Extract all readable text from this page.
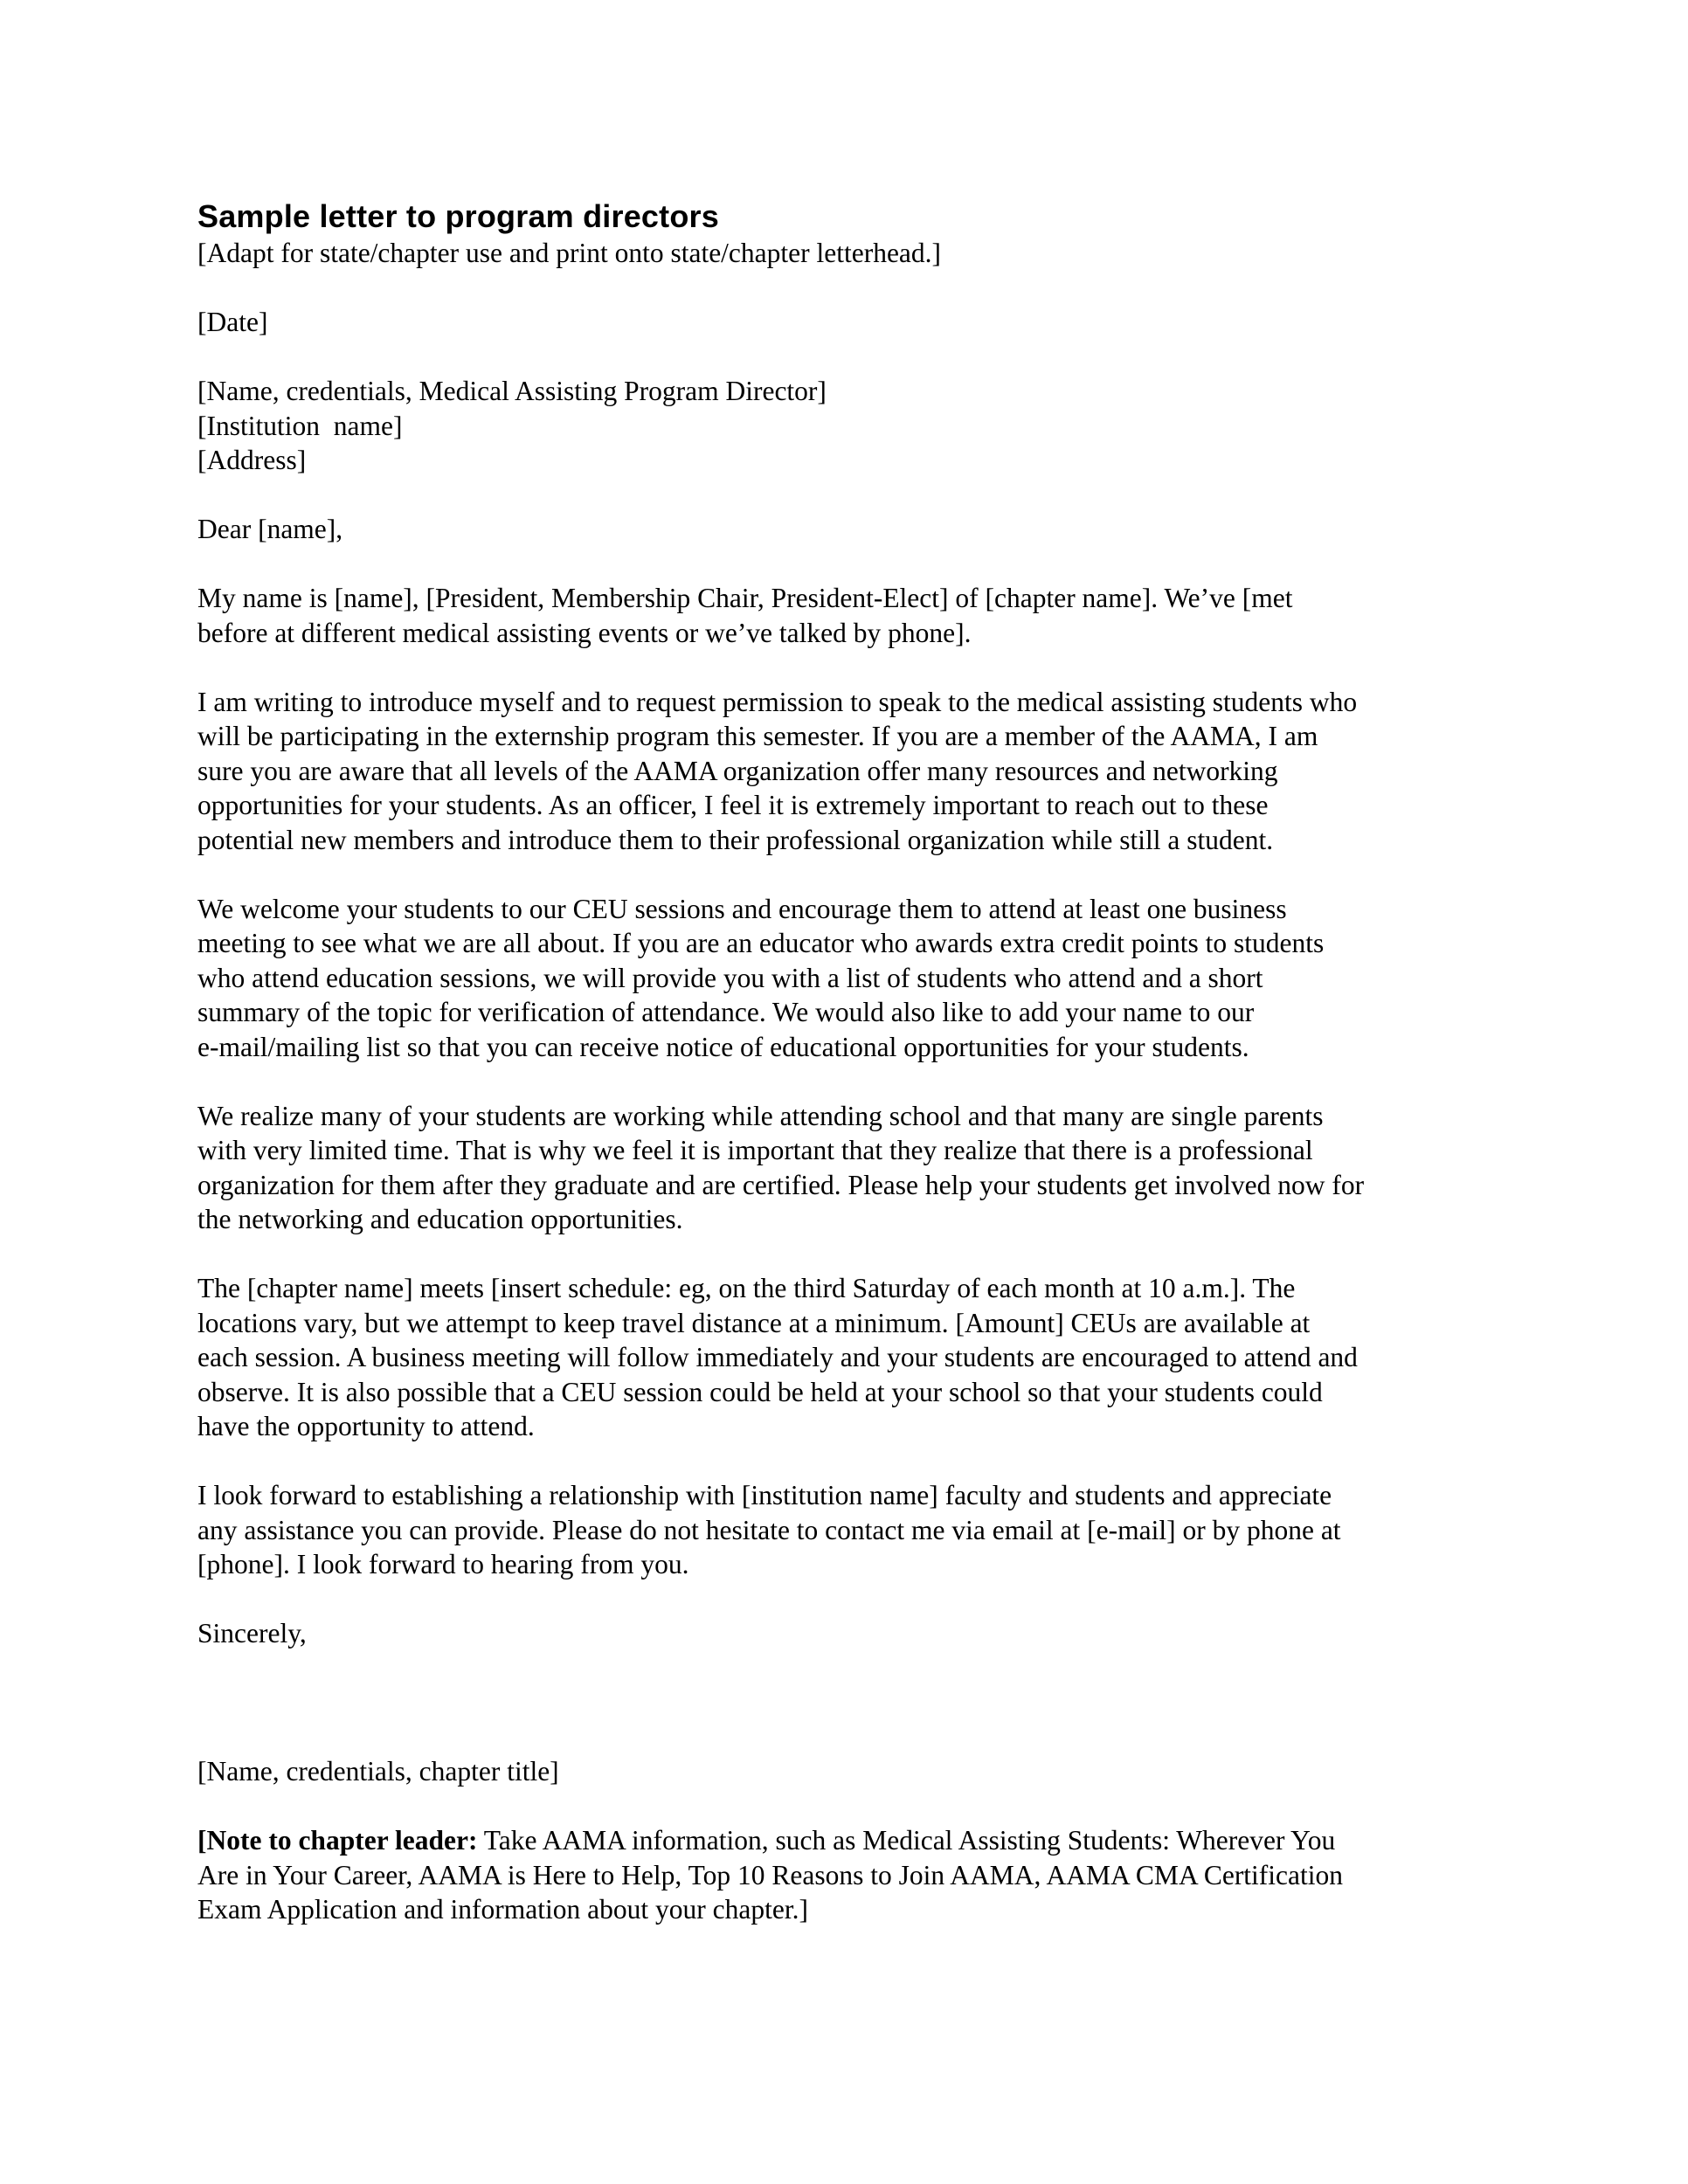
Sample letter to program directors

[Adapt for state/chapter use and print onto state/chapter letterhead.]

[Date]

[Name, credentials, Medical Assisting Program Director]

[Institution  name]

[Address]

Dear [name],

My name is [name], [President, Membership Chair, President-Elect] of [chapter name]. We’ve [met

before at different medical assisting events or we’ve talked by phone].

I am writing to introduce myself and to request permission to speak to the medical assisting students who

will be participating in the externship program this semester. If you are a member of the AAMA, I am

sure you are aware that all levels of the AAMA organization offer many resources and networking

opportunities for your students. As an officer, I feel it is extremely important to reach out to these

potential new members and introduce them to their professional organization while still a student.

We welcome your students to our CEU sessions and encourage them to attend at least one business

meeting to see what we are all about. If you are an educator who awards extra credit points to students

who attend education sessions, we will provide you with a list of students who attend and a short

summary of the topic for verification of attendance. We would also like to add your name to our

e-mail/mailing list so that you can receive notice of educational opportunities for your students.

We realize many of your students are working while attending school and that many are single parents

with very limited time. That is why we feel it is important that they realize that there is a professional

organization for them after they graduate and are certified. Please help your students get involved now for

the networking and education opportunities.

The [chapter name] meets [insert schedule: eg, on the third Saturday of each month at 10 a.m.]. The

locations vary, but we attempt to keep travel distance at a minimum. [Amount] CEUs are available at

each session. A business meeting will follow immediately and your students are encouraged to attend and

observe. It is also possible that a CEU session could be held at your school so that your students could

have the opportunity to attend.

I look forward to establishing a relationship with [institution name] faculty and students and appreciate

any assistance you can provide. Please do not hesitate to contact me via email at [e-mail] or by phone at

[phone]. I look forward to hearing from you.

Sincerely,

[Name, credentials, chapter title]

[Note to chapter leader: Take AAMA information, such as Medical Assisting Students: Wherever You

Are in Your Career, AAMA is Here to Help, Top 10 Reasons to Join AAMA, AAMA CMA Certification

Exam Application and information about your chapter.]
